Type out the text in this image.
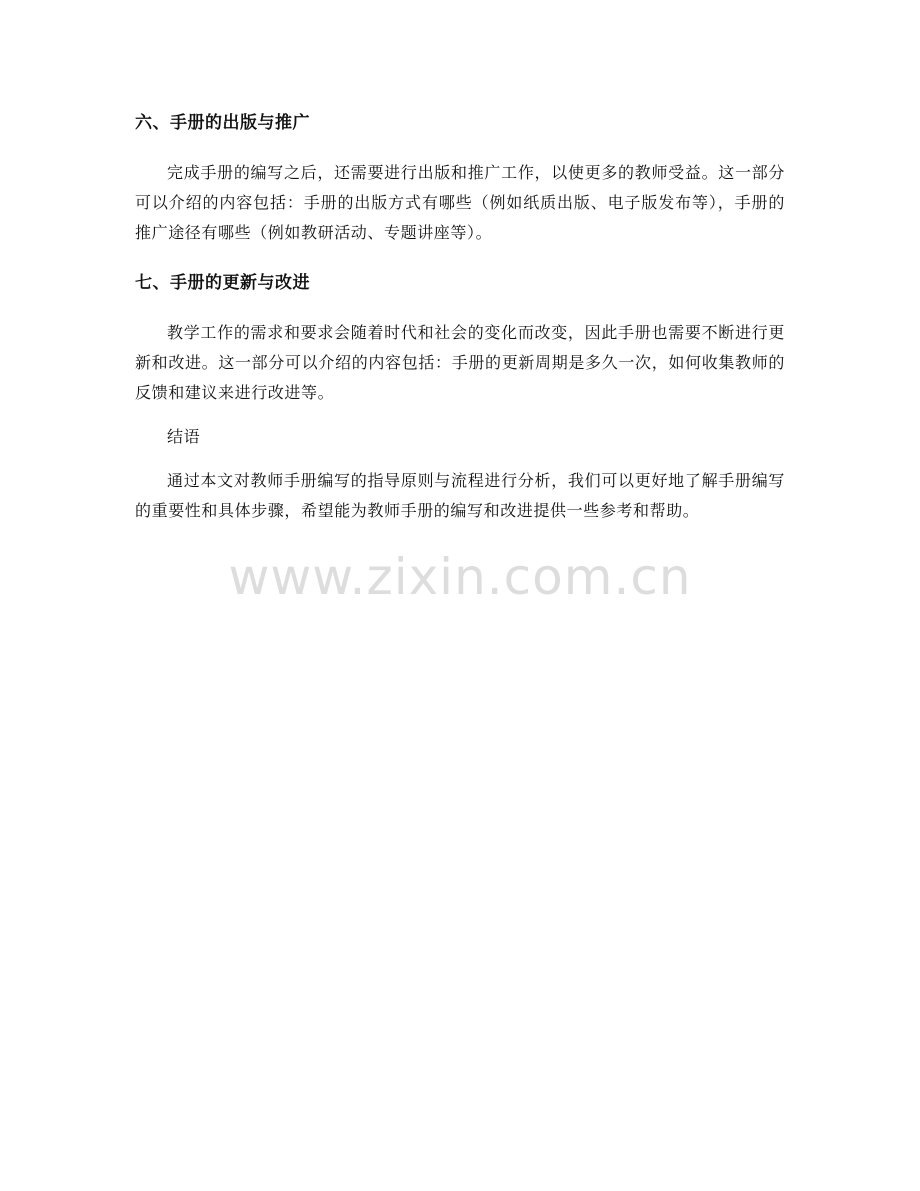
六、手册的出版与推广

完成手册的编写之后，还需要进行出版和推广工作，以使更多的教师受益。这一部分可以介绍的内容包括：手册的出版方式有哪些（例如纸质出版、电子版发布等），手册的推广途径有哪些（例如教研活动、专题讲座等）。

七、手册的更新与改进

教学工作的需求和要求会随着时代和社会的变化而改变，因此手册也需要不断进行更新和改进。这一部分可以介绍的内容包括：手册的更新周期是多久一次，如何收集教师的反馈和建议来进行改进等。

结语

通过本文对教师手册编写的指导原则与流程进行分析，我们可以更好地了解手册编写的重要性和具体步骤，希望能为教师手册的编写和改进提供一些参考和帮助。

www.zixin.com.cn
